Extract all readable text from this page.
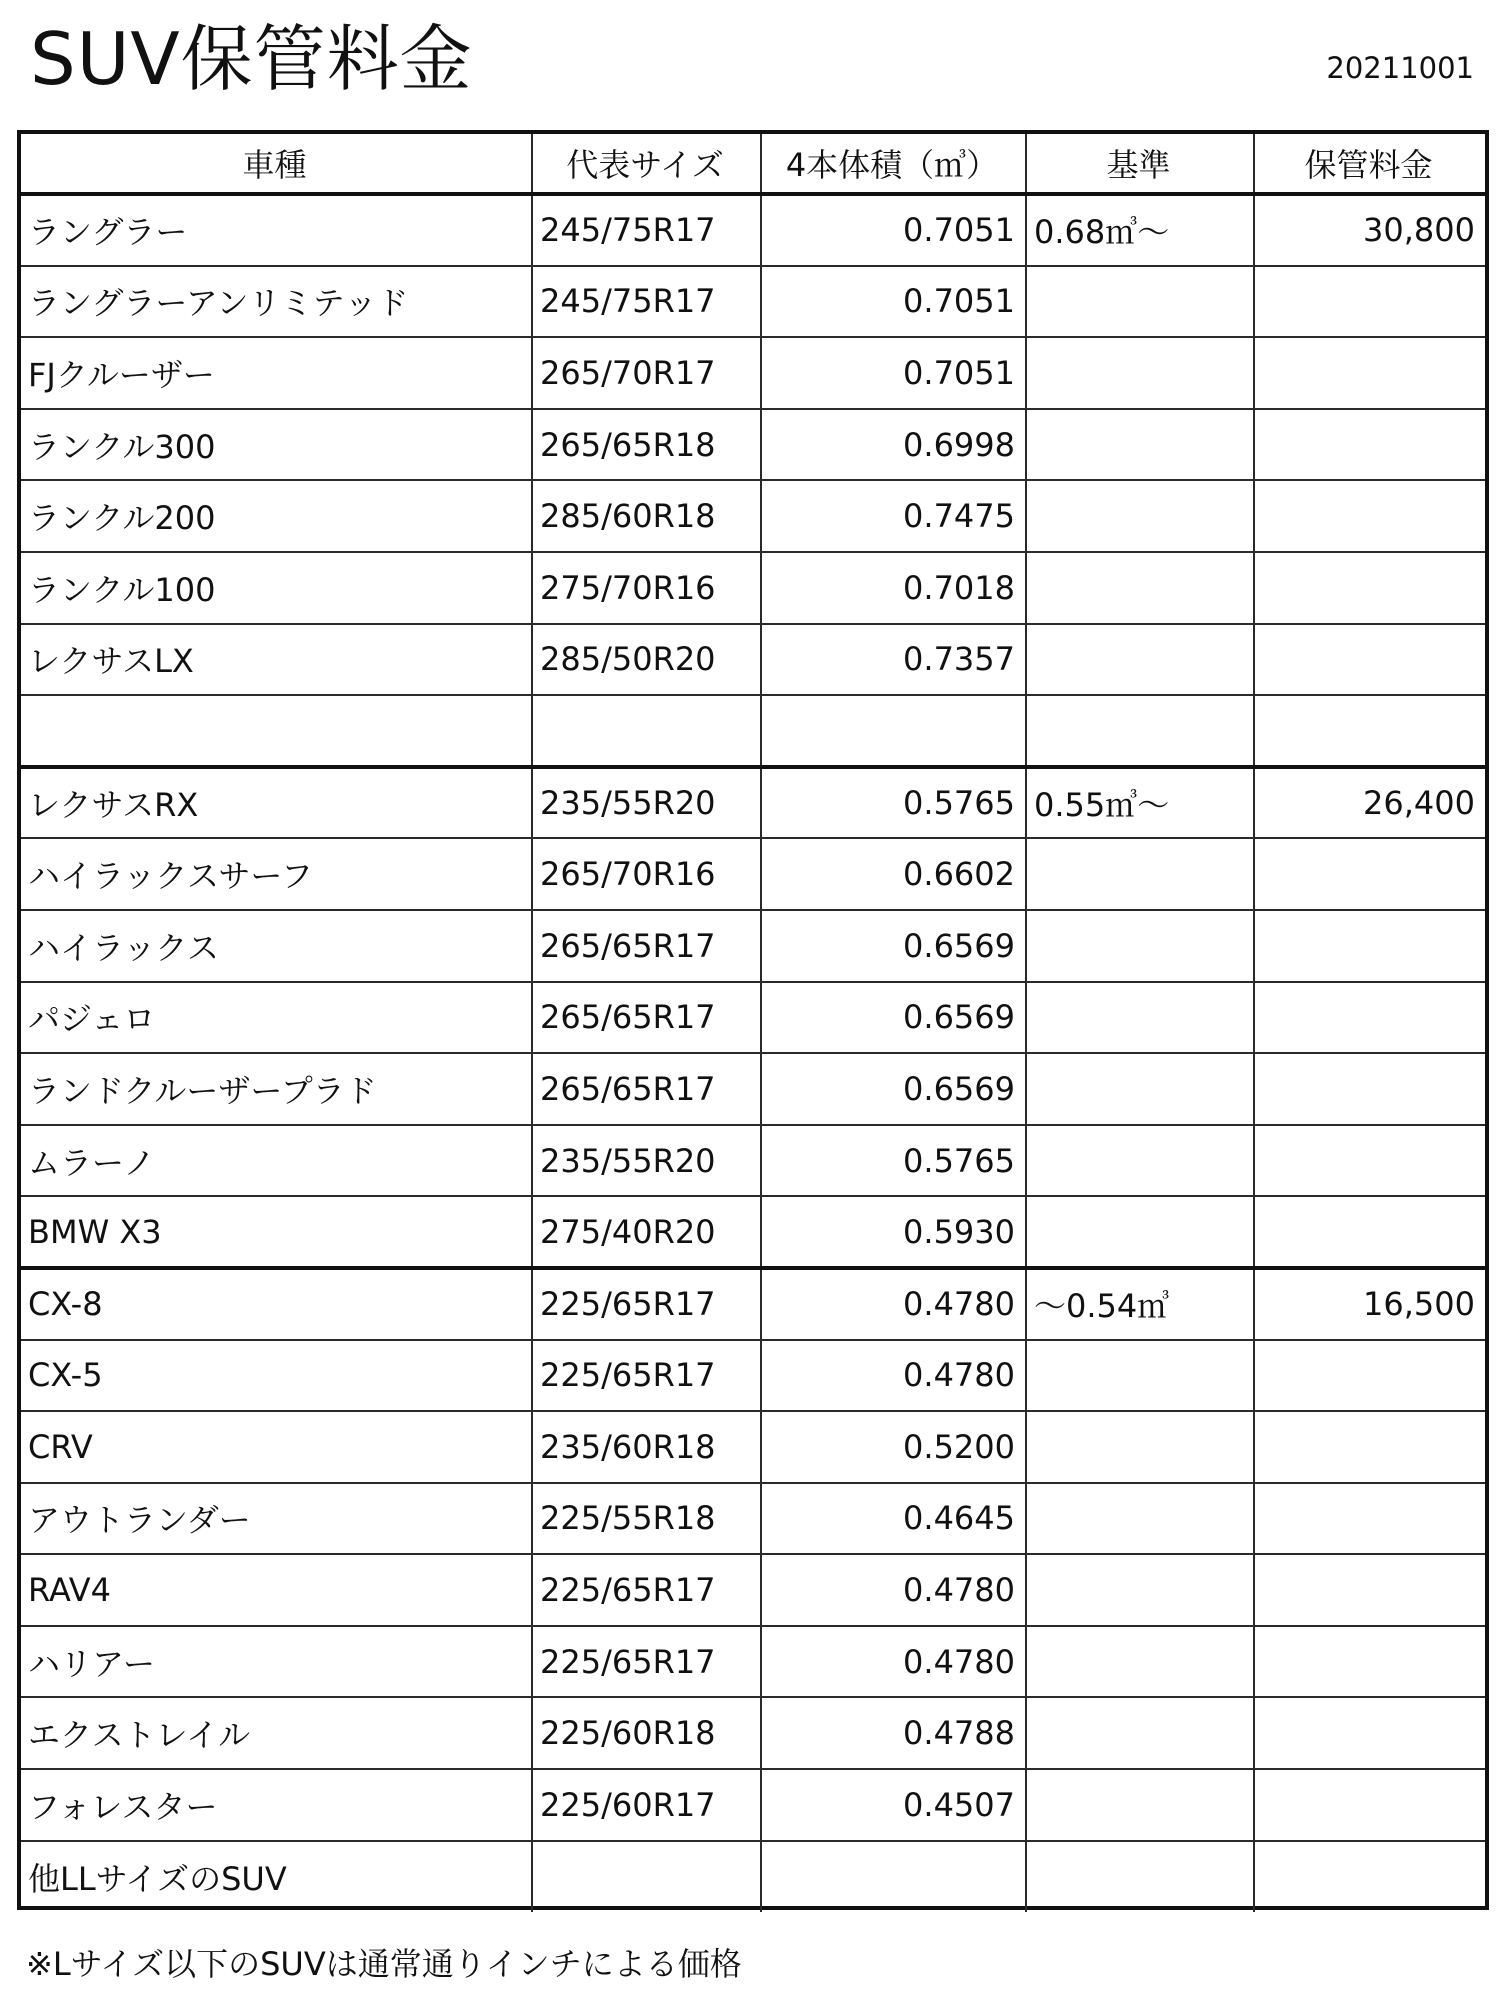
SUV保管料金	20211001
車種	代表サイズ	4本体積（㎥）	基準	保管料金
ラングラー	245/75R17	0.7051	0.68㎥〜	30,800
ラングラーアンリミテッド	245/75R17	0.7051		
FJクルーザー	265/70R17	0.7051		
ランクル300	265/65R18	0.6998		
ランクル200	285/60R18	0.7475		
ランクル100	275/70R16	0.7018		
レクサスLX	285/50R20	0.7357		

レクサスRX	235/55R20	0.5765	0.55㎥〜	26,400
ハイラックスサーフ	265/70R16	0.6602		
ハイラックス	265/65R17	0.6569		
パジェロ	265/65R17	0.6569		
ランドクルーザープラド	265/65R17	0.6569		
ムラーノ	235/55R20	0.5765		
BMW X3	275/40R20	0.5930		
CX-8	225/65R17	0.4780	〜0.54㎥	16,500
CX-5	225/65R17	0.4780		
CRV	235/60R18	0.5200		
アウトランダー	225/55R18	0.4645		
RAV4	225/65R17	0.4780		
ハリアー	225/65R17	0.4780		
エクストレイル	225/60R18	0.4788		
フォレスター	225/60R17	0.4507		
他LLサイズのSUV				
※Lサイズ以下のSUVは通常通りインチによる価格
